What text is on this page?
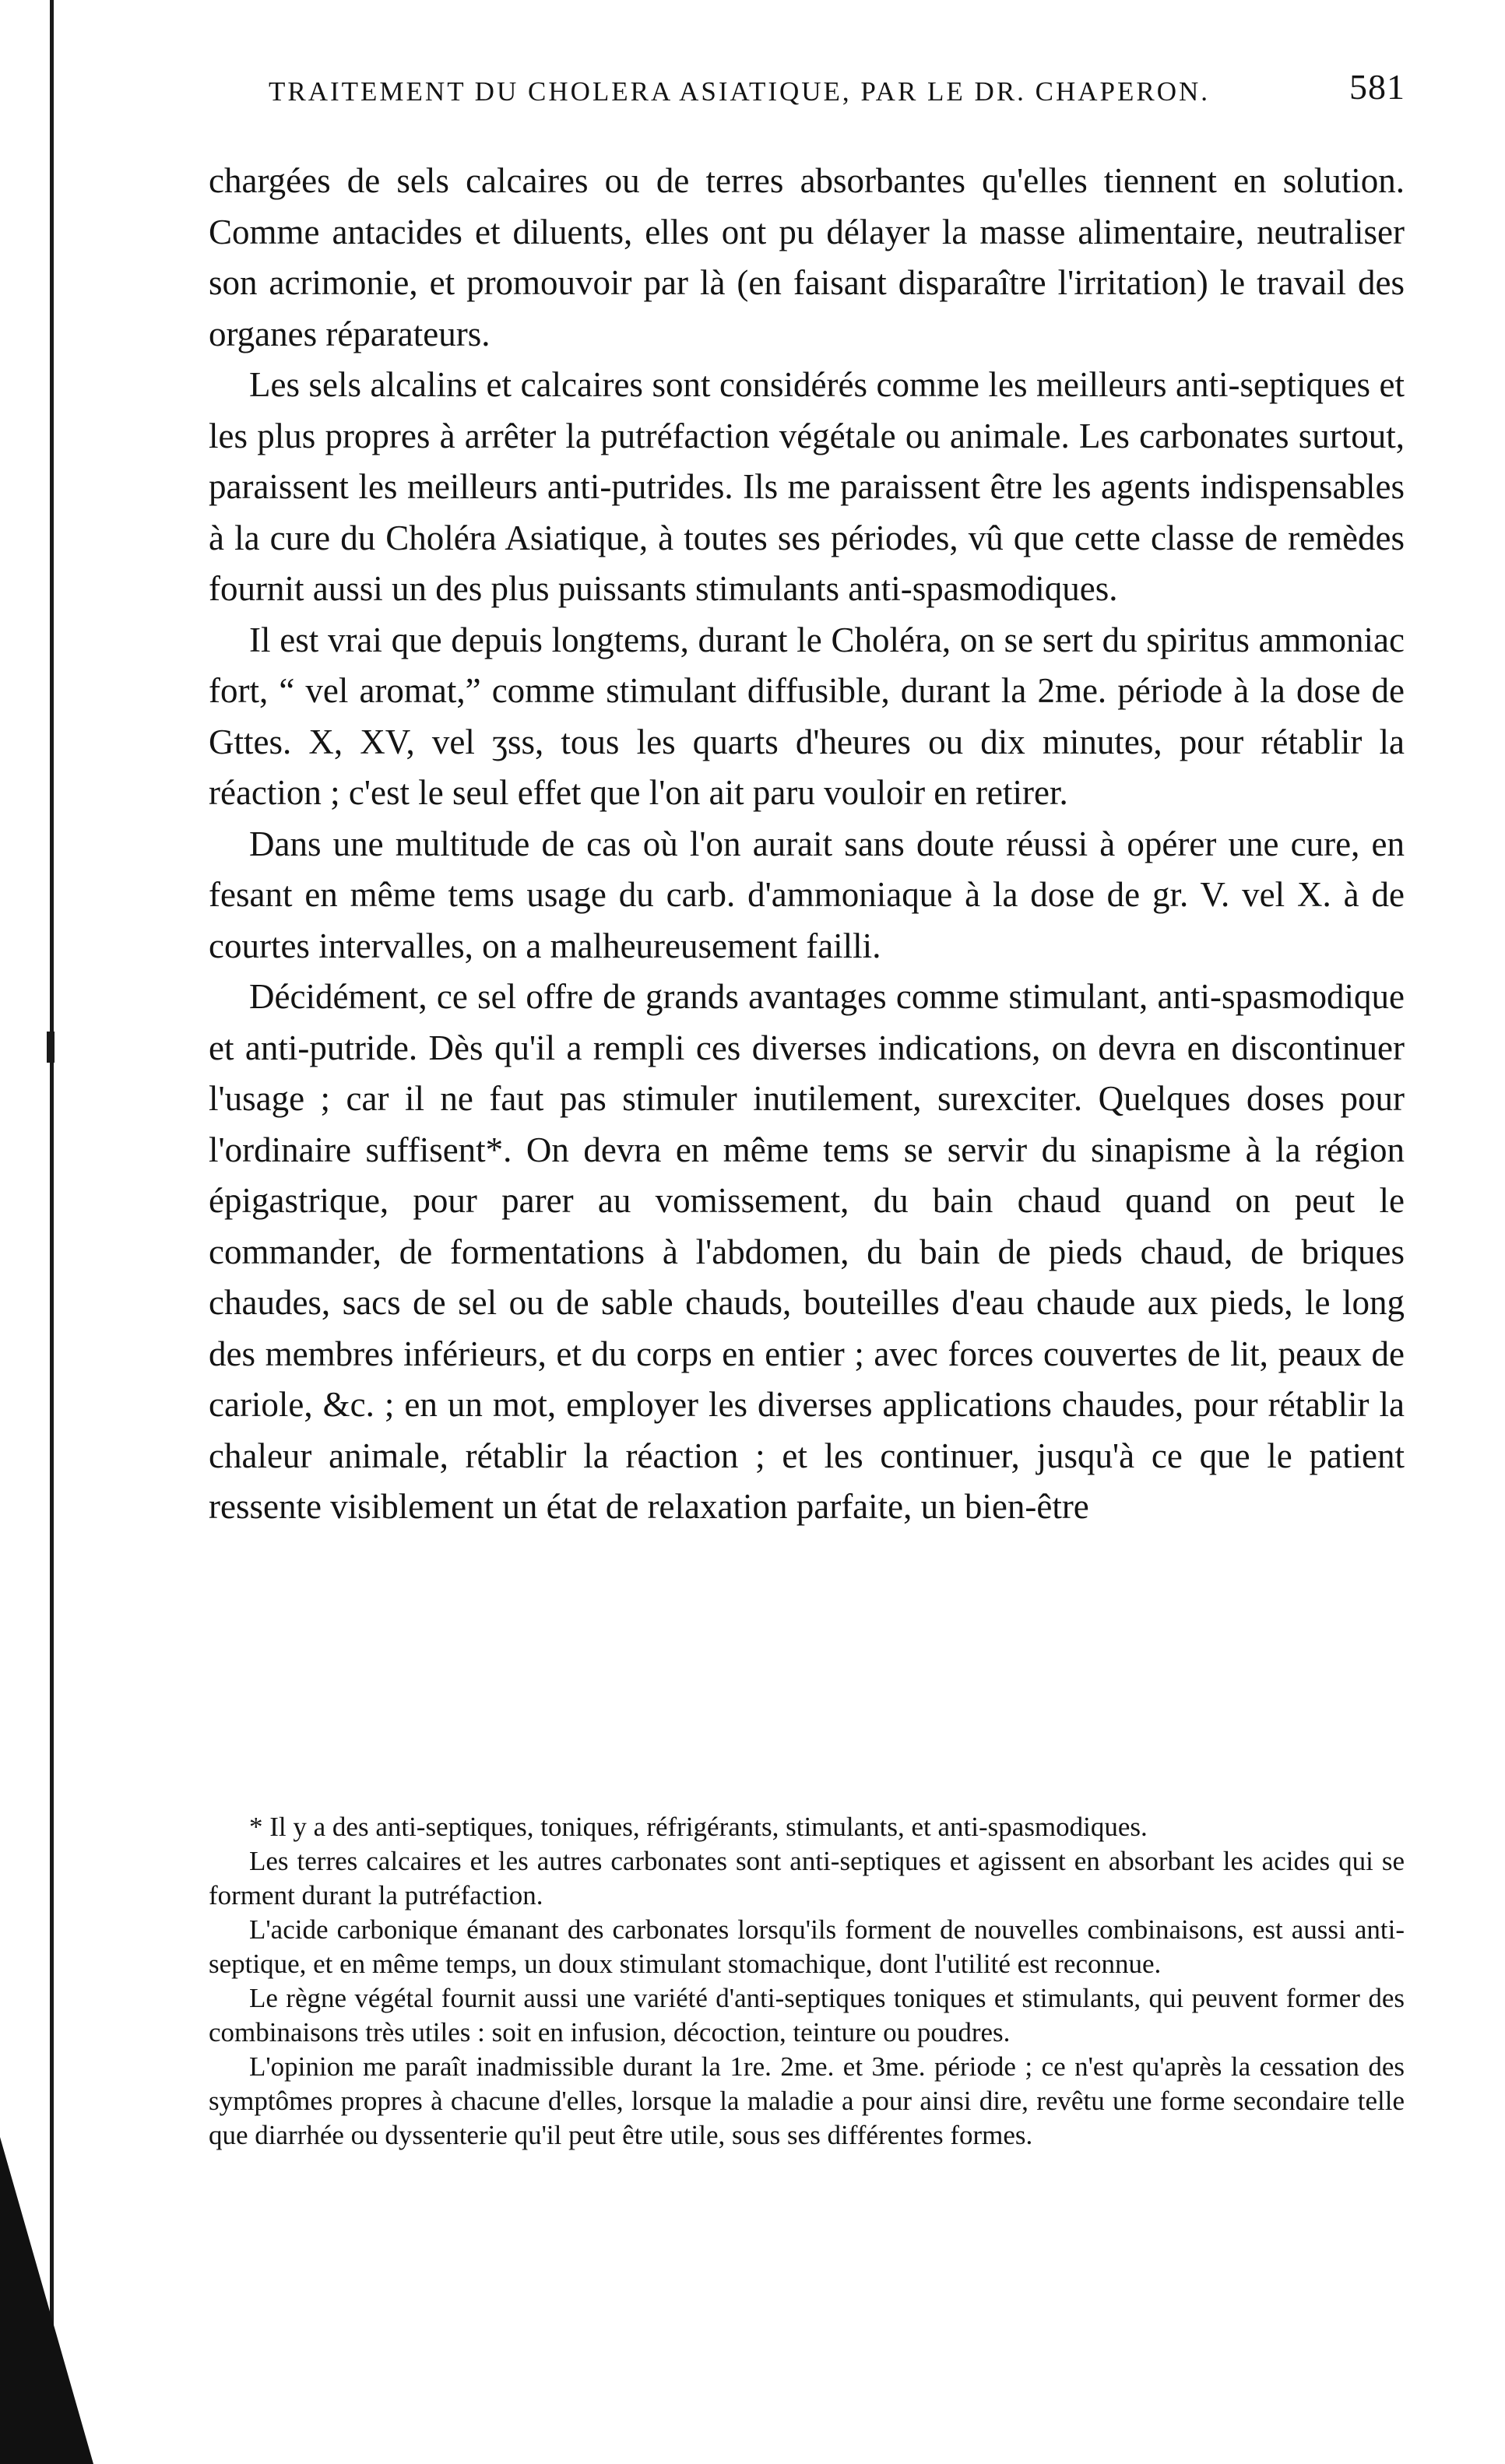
TRAITEMENT DU CHOLERA ASIATIQUE, PAR LE DR. CHAPERON.	581

chargées de sels calcaires ou de terres absorbantes qu'elles tiennent en solution. Comme antacides et diluents, elles ont pu délayer la masse alimentaire, neutraliser son acrimonie, et promouvoir par là (en faisant disparaître l'irritation) le travail des organes réparateurs.

Les sels alcalins et calcaires sont considérés comme les meilleurs anti-septiques et les plus propres à arrêter la putréfaction végétale ou animale. Les carbonates surtout, paraissent les meilleurs anti-putrides. Ils me paraissent être les agents indispensables à la cure du Choléra Asiatique, à toutes ses périodes, vû que cette classe de remèdes fournit aussi un des plus puissants stimulants anti-spasmodiques.

Il est vrai que depuis longtems, durant le Choléra, on se sert du spiritus ammoniac fort, “ vel aromat,” comme stimulant diffusible, durant la 2me. période à la dose de Gttes. X, XV, vel ʒss, tous les quarts d'heures ou dix minutes, pour rétablir la réaction ; c'est le seul effet que l'on ait paru vouloir en retirer.

Dans une multitude de cas où l'on aurait sans doute réussi à opérer une cure, en fesant en même tems usage du carb. d'ammoniaque à la dose de gr. V. vel X. à de courtes intervalles, on a malheureusement failli.

Décidément, ce sel offre de grands avantages comme stimulant, anti-spasmodique et anti-putride. Dès qu'il a rempli ces diverses indications, on devra en discontinuer l'usage ; car il ne faut pas stimuler inutilement, surexciter. Quelques doses pour l'ordinaire suffisent*. On devra en même tems se servir du sinapisme à la région épigastrique, pour parer au vomissement, du bain chaud quand on peut le commander, de formentations à l'abdomen, du bain de pieds chaud, de briques chaudes, sacs de sel ou de sable chauds, bouteilles d'eau chaude aux pieds, le long des membres inférieurs, et du corps en entier ; avec forces couvertes de lit, peaux de cariole, &c. ; en un mot, employer les diverses applications chaudes, pour rétablir la chaleur animale, rétablir la réaction ; et les continuer, jusqu'à ce que le patient ressente visiblement un état de relaxation parfaite, un bien-être

* Il y a des anti-septiques, toniques, réfrigérants, stimulants, et anti-spasmodiques.

Les terres calcaires et les autres carbonates sont anti-septiques et agissent en absorbant les acides qui se forment durant la putréfaction.

L'acide carbonique émanant des carbonates lorsqu'ils forment de nouvelles combinaisons, est aussi anti-septique, et en même temps, un doux stimulant stomachique, dont l'utilité est reconnue.

Le règne végétal fournit aussi une variété d'anti-septiques toniques et stimulants, qui peuvent former des combinaisons très utiles : soit en infusion, décoction, teinture ou poudres.

L'opinion me paraît inadmissible durant la 1re. 2me. et 3me. période ; ce n'est qu'après la cessation des symptômes propres à chacune d'elles, lorsque la maladie a pour ainsi dire, revêtu une forme secondaire telle que diarrhée ou dyssenterie qu'il peut être utile, sous ses différentes formes.
